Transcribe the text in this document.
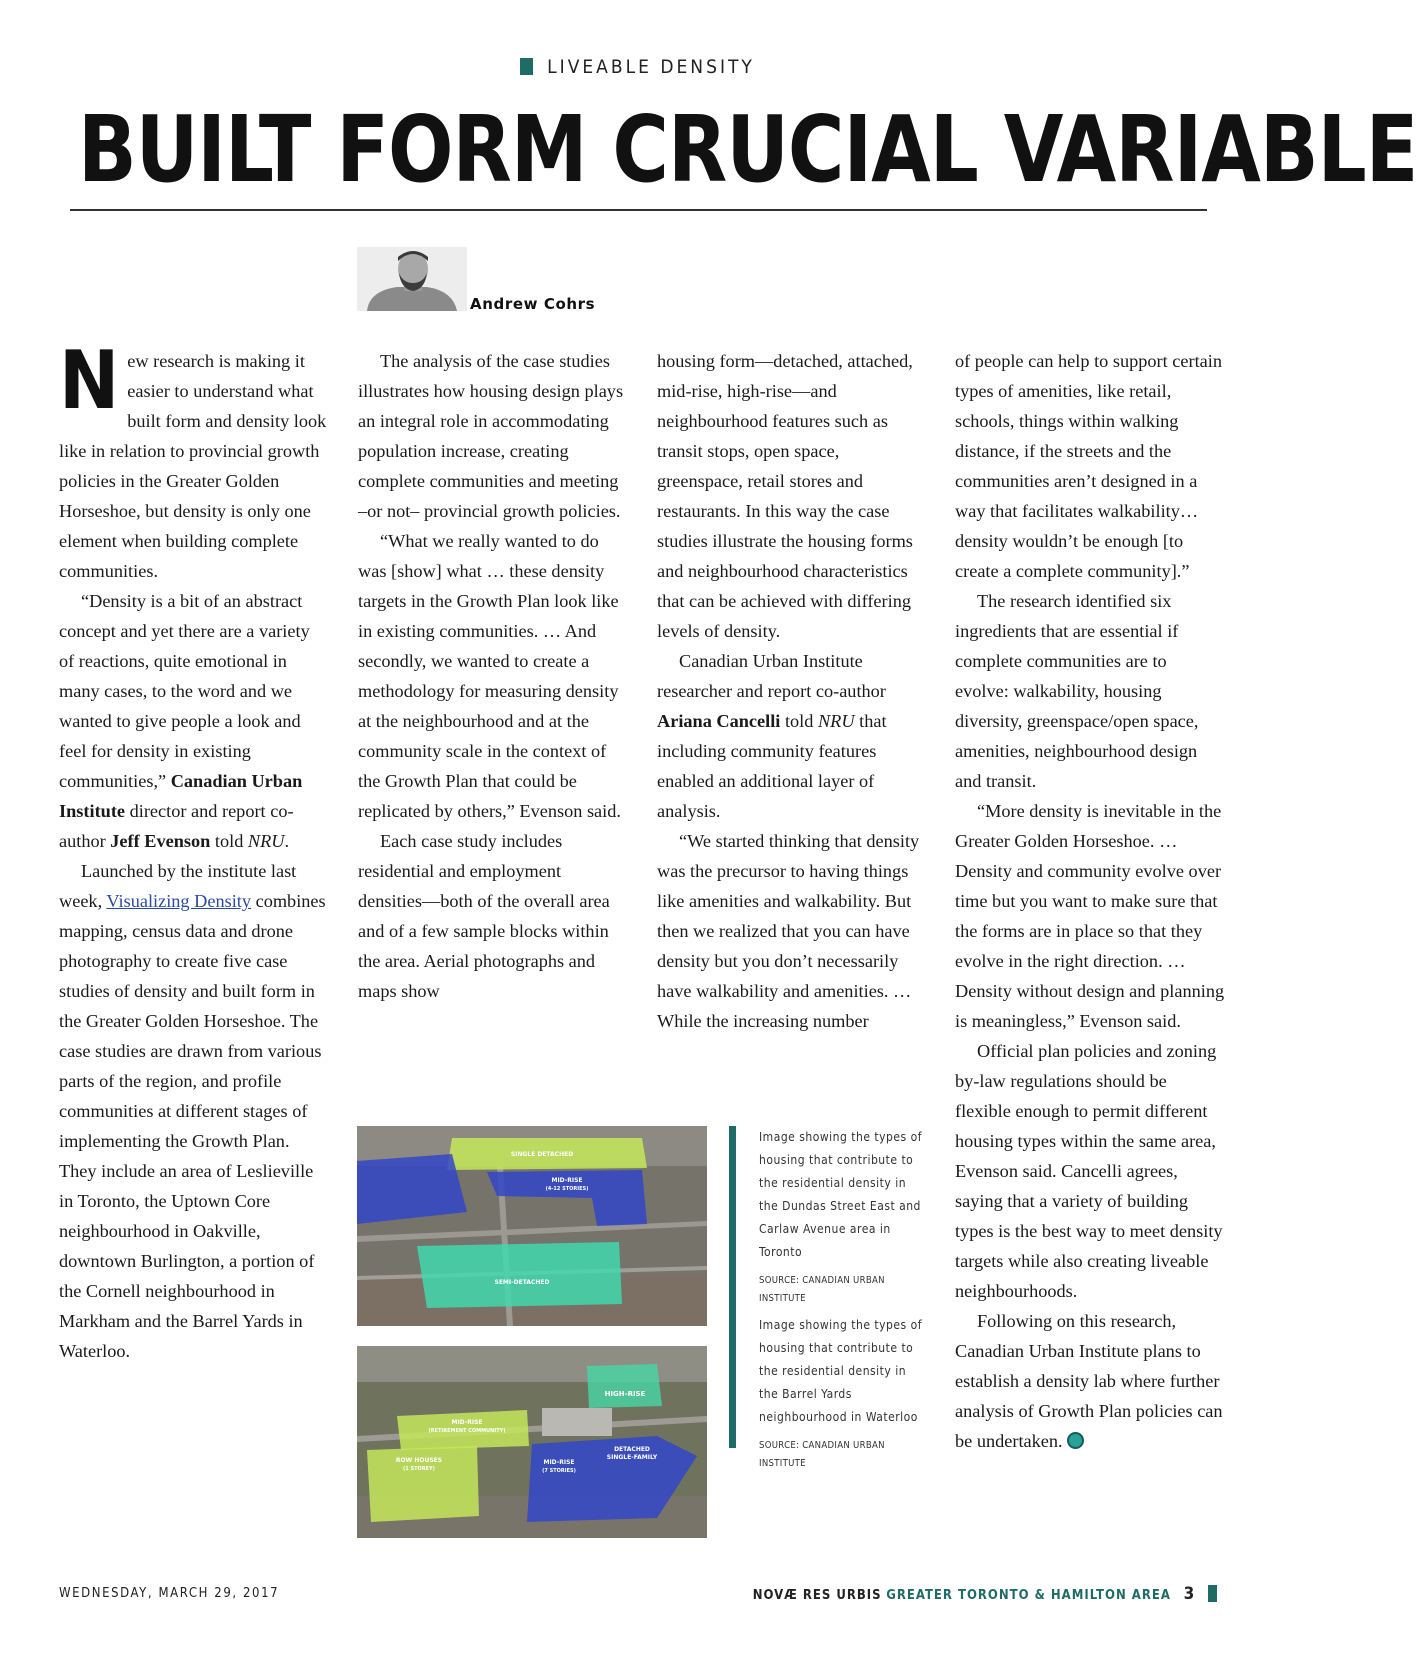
LIVEABLE DENSITY
BUILT FORM CRUCIAL VARIABLE
Andrew Cohrs

New research is making it easier to understand what built form and density look like in relation to provincial growth policies in the Greater Golden Horseshoe, but density is only one element when building complete communities.

“Density is a bit of an abstract concept and yet there are a variety of reactions, quite emotional in many cases, to the word and we wanted to give people a look and feel for density in existing communities,” Canadian Urban Institute director and report co-author Jeff Evenson told NRU.

Launched by the institute last week, Visualizing Density combines mapping, census data and drone photography to create five case studies of density and built form in the Greater Golden Horseshoe. The case studies are drawn from various parts of the region, and profile communities at different stages of implementing the Growth Plan. They include an area of Leslieville in Toronto, the Uptown Core neighbourhood in Oakville, downtown Burlington, a portion of the Cornell neighbourhood in Markham and the Barrel Yards in Waterloo.

The analysis of the case studies illustrates how housing design plays an integral role in accommodating population increase, creating complete communities and meeting –or not– provincial growth policies.

“What we really wanted to do was [show] what … these density targets in the Growth Plan look like in existing communities. … And secondly, we wanted to create a methodology for measuring density at the neighbourhood and at the community scale in the context of the Growth Plan that could be replicated by others,” Evenson said.

Each case study includes residential and employment densities—both of the overall area and of a few sample blocks within the area. Aerial photographs and maps show

housing form—detached, attached, mid-rise, high-rise—and neighbourhood features such as transit stops, open space, greenspace, retail stores and restaurants. In this way the case studies illustrate the housing forms and neighbourhood characteristics that can be achieved with differing levels of density.

Canadian Urban Institute researcher and report co-author Ariana Cancelli told NRU that including community features enabled an additional layer of analysis.

“We started thinking that density was the precursor to having things like amenities and walkability. But then we realized that you can have density but you don’t necessarily have walkability and amenities. … While the increasing number

of people can help to support certain types of amenities, like retail, schools, things within walking distance, if the streets and the communities aren’t designed in a way that facilitates walkability… density wouldn’t be enough [to create a complete community].”

The research identified six ingredients that are essential if complete communities are to evolve: walkability, housing diversity, greenspace/open space, amenities, neighbourhood design and transit.

“More density is inevitable in the Greater Golden Horseshoe. … Density and community evolve over time but you want to make sure that the forms are in place so that they evolve in the right direction. … Density without design and planning is meaningless,” Evenson said.

Official plan policies and zoning by-law regulations should be flexible enough to permit different housing types within the same area, Evenson said. Cancelli agrees, saying that a variety of building types is the best way to meet density targets while also creating liveable neighbourhoods.

Following on this research, Canadian Urban Institute plans to establish a density lab where further analysis of Growth Plan policies can be undertaken.

SINGLE DETACHED
MID-RISE
(4-12 STORIES)
SEMI-DETACHED
HIGH-RISE
MID-RISE
(RETIREMENT COMMUNITY)
ROW HOUSES
(1 STOREY)
MID-RISE
(7 STORIES)
DETACHED
SINGLE-FAMILY
Image showing the types of housing that contribute to the residential density in the Dundas Street East and Carlaw Avenue area in Toronto
SOURCE: CANADIAN URBAN INSTITUTE
Image showing the types of housing that contribute to the residential density in the Barrel Yards neighbourhood in Waterloo
SOURCE: CANADIAN URBAN INSTITUTE
WEDNESDAY, MARCH 29, 2017	NOVÆ RES URBIS GREATER TORONTO & HAMILTON AREA 3
